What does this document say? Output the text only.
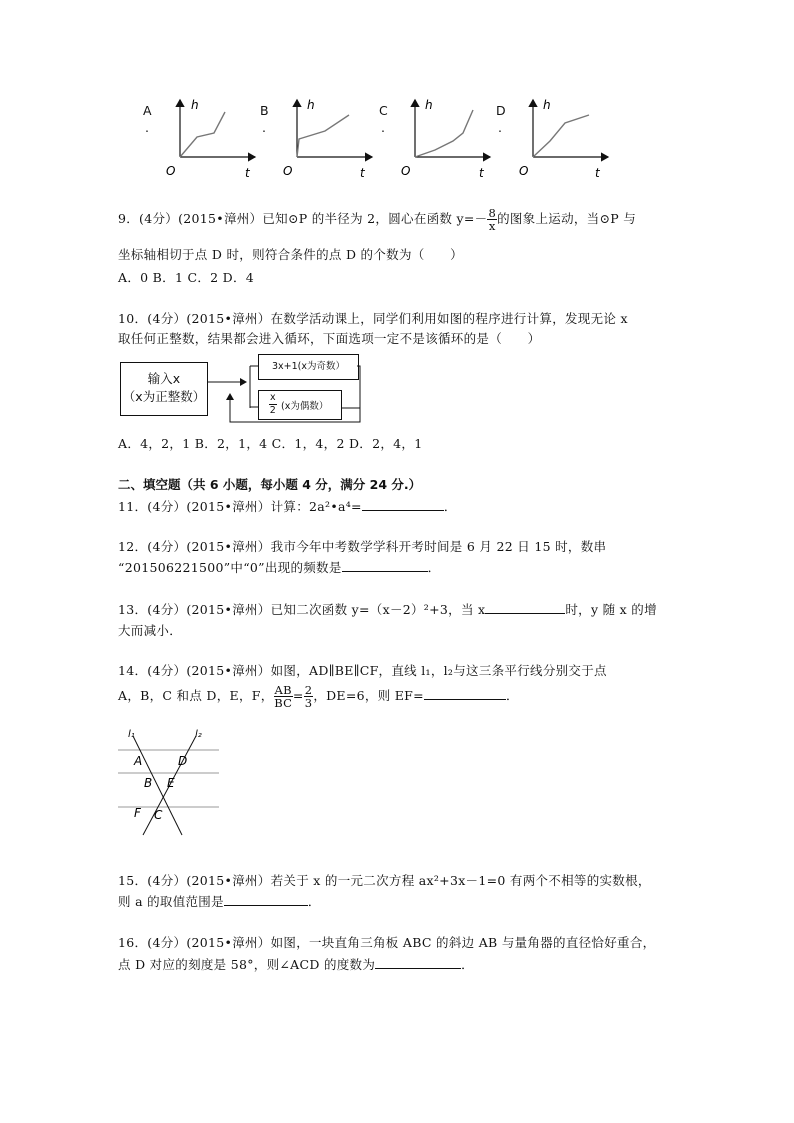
A
.
h
O	t
B
.
h
O	t
C
.
h
O	t
D
.
h
O	t
9．(4分）(2015•漳州）已知⊙P 的半径为 2，圆心在函数 $y=- \frac{8}{x}$ 的图象上运动，当⊙P 与
坐标轴相切于点 D 时，则符合条件的点 D 的个数为（　　）
A．0 B．1 C．2 D．4
10．(4分）(2015•漳州）在数学活动课上，同学们利用如图的程序进行计算，发现无论 x
取任何正整数，结果都会进入循环，下面选项一定不是该循环的是（　　）
输入x
（x为正整数）
3x+1(x为奇数）
$\frac{x}{2} (x$为偶数）
A．4，2，1 B．2，1，4 C．1，4，2 D．2，4，1
二、填空题（共 6 小题，每小题 4 分，满分 24 分.）
11．(4分）(2015•漳州）计算：2a²•a⁴=	．
12．(4分）(2015•漳州）我市今年中考数学学科开考时间是 6 月 22 日 15 时，数串
“201506221500”中“0”出现的频数是	．
13．(4分）(2015•漳州）已知二次函数 y=（x－2）²+3，当 x	时，y 随 x 的增
大而减小．
14．(4分）(2015•漳州）如图，AD∥BE∥CF，直线 l₁，l₂与这三条平行线分别交于点
A，B，C 和点 D，E，F， $\frac{AB}{BC} = \frac{2}{3}$ ，DE=6，则 EF=	．
l₁	l₂
A	D
B E
F C
15．(4分）(2015•漳州）若关于 x 的一元二次方程 ax²+3x－1=0 有两个不相等的实数根，
则 a 的取值范围是	．
16．(4分）(2015•漳州）如图，一块直角三角板 ABC 的斜边 AB 与量角器的直径恰好重合，
点 D 对应的刻度是 58°，则∠ACD 的度数为	．
